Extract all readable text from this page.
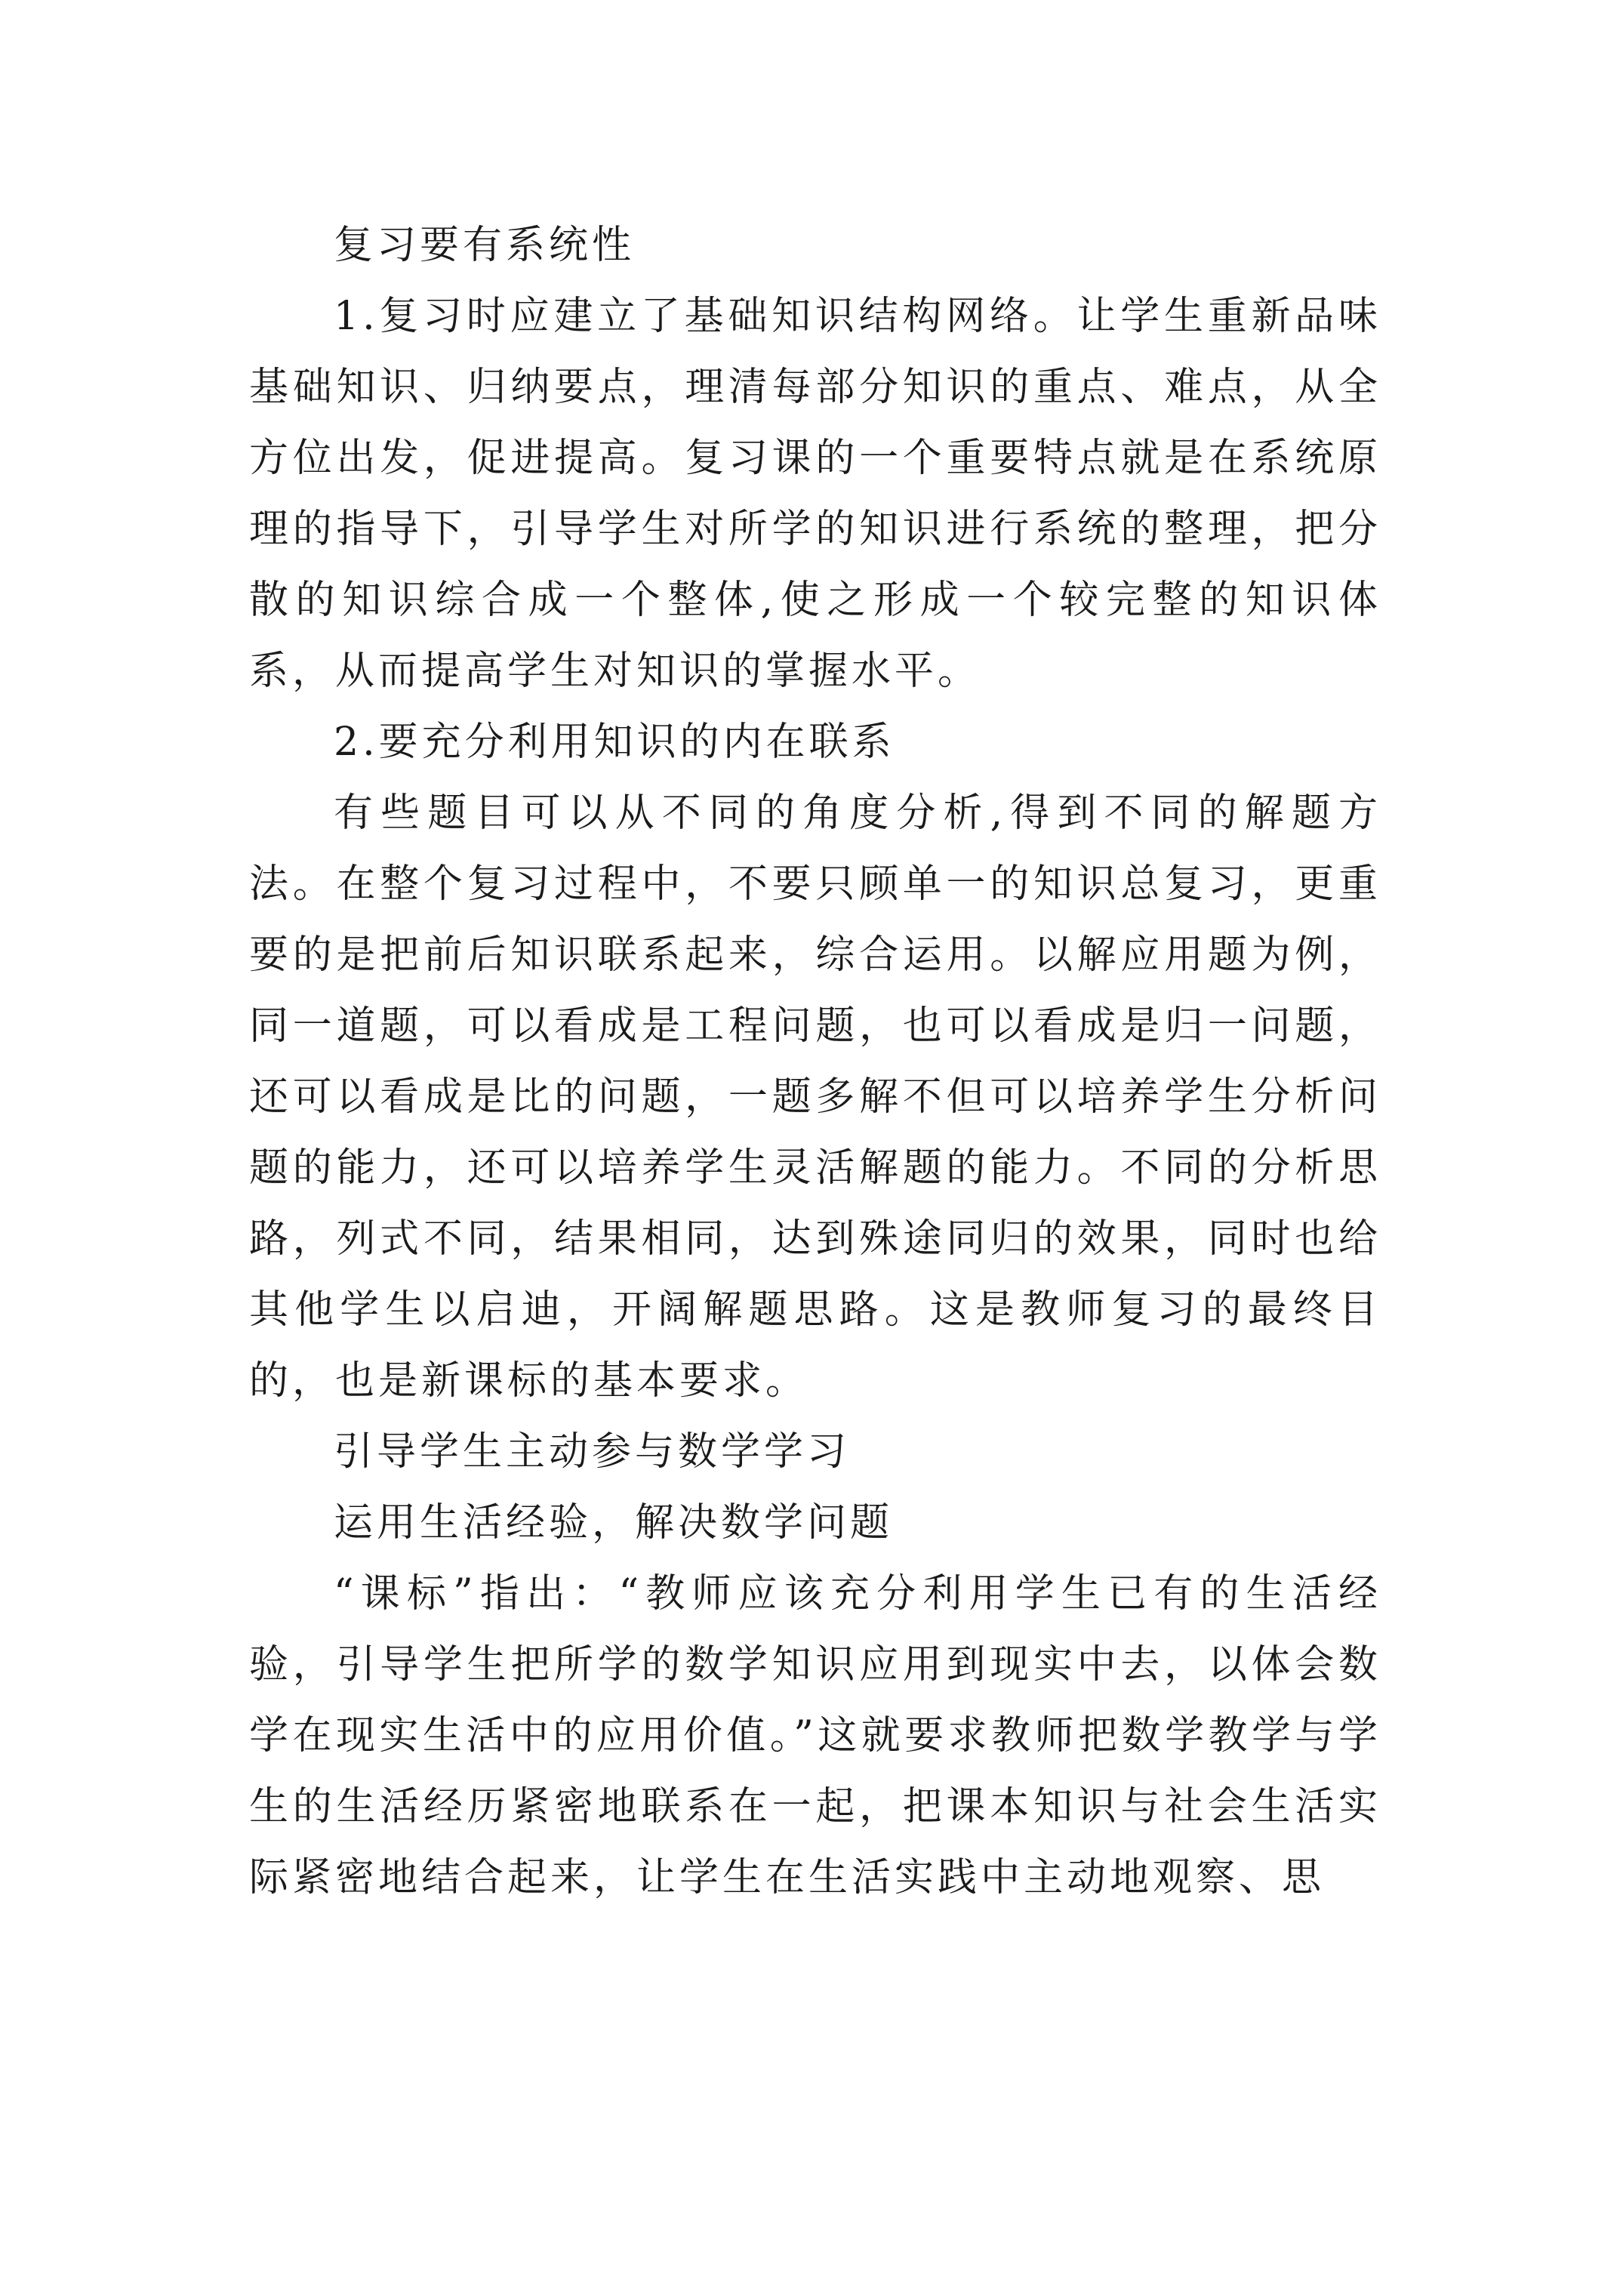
复习要有系统性

1.复习时应建立了基础知识结构网络。让学生重新品味基础知识、归纳要点，理清每部分知识的重点、难点，从全方位出发，促进提高。复习课的一个重要特点就是在系统原理的指导下，引导学生对所学的知识进行系统的整理，把分散的知识综合成一个整体,使之形成一个较完整的知识体系，从而提高学生对知识的掌握水平。

2.要充分利用知识的内在联系

有些题目可以从不同的角度分析,得到不同的解题方法。在整个复习过程中，不要只顾单一的知识总复习，更重要的是把前后知识联系起来，综合运用。以解应用题为例，同一道题，可以看成是工程问题，也可以看成是归一问题，还可以看成是比的问题，一题多解不但可以培养学生分析问题的能力，还可以培养学生灵活解题的能力。不同的分析思路，列式不同，结果相同，达到殊途同归的效果，同时也给其他学生以启迪，开阔解题思路。这是教师复习的最终目的，也是新课标的基本要求。

引导学生主动参与数学学习

运用生活经验，解决数学问题

“课标”指出：“教师应该充分利用学生已有的生活经验，引导学生把所学的数学知识应用到现实中去，以体会数学在现实生活中的应用价值。”这就要求教师把数学教学与学生的生活经历紧密地联系在一起，把课本知识与社会生活实际紧密地结合起来，让学生在生活实践中主动地观察、思
